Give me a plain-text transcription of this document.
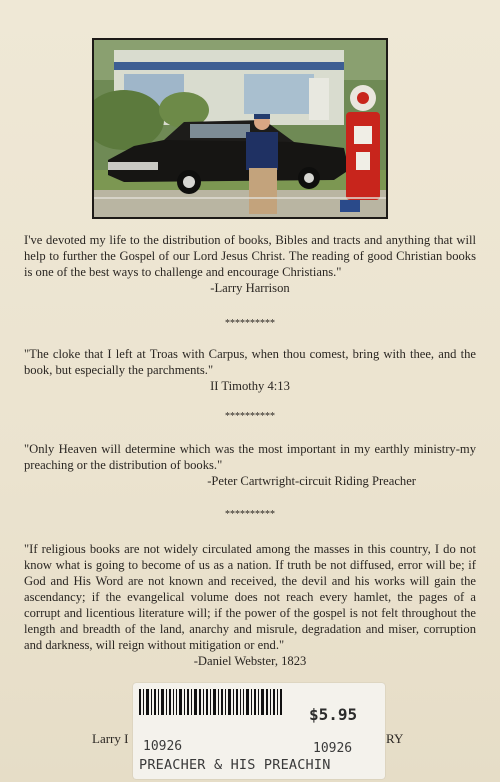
I've devoted my life to the distribution of books, Bibles and tracts and anything that will help to further the Gospel of our Lord Jesus Christ. The reading of good Christian books is one of the best ways to challenge and encourage Christians."
-Larry Harrison
**********
"The cloke that I left at Troas with Carpus, when thou comest, bring with thee, and the book, but especially the parchments."
II Timothy 4:13
**********
"Only Heaven will determine which was the most important in my earthly ministry-my preaching or the distribution of books."
-Peter Cartwright-circuit Riding Preacher
**********
"If religious books are not widely circulated among the masses in this country, I do not know what is going to become of us as a nation. If truth be not diffused, error will be; if God and His Word are not known and received, the devil and his works will gain the ascendancy; if the evangelical volume does not reach every hamlet, the pages of a corrupt and licentious literature will; if the power of the gospel is not felt throughout the length and breadth of the land, anarchy and misrule, degradation and miser, corruption and darkness, will reign without mitigation or end."
-Daniel Webster, 1823
Larry I	RY
$5.95
10926	10926
PREACHER & HIS PREACHIN
